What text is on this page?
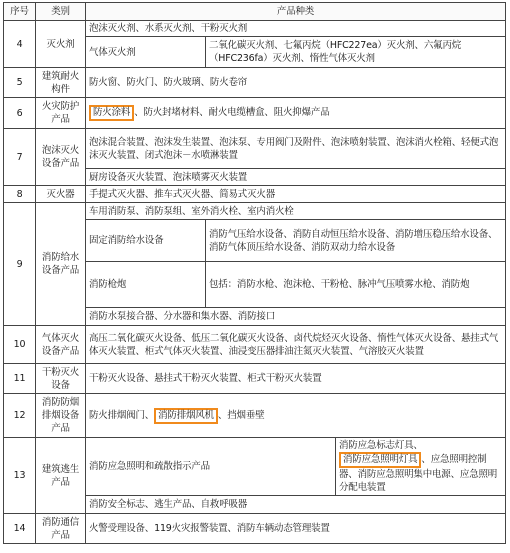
序号	类别	产品种类		
4	灭火剂	泡沫灭火剂、水系灭火剂、干粉灭火剂		
		气体灭火剂	二氧化碳灭火剂、七氟丙烷（HFC227ea）灭火剂、六氟丙烷（HFC236fa）灭火剂、惰性气体灭火剂	
5	建筑耐火构件	防火窗、防火门、防火玻璃、防火卷帘		
6	火灾防护产品	防火涂料 、防火封堵材料、耐火电缆槽盒、阻火抑爆产品		
7	泡沫灭火设备产品	泡沫混合装置、泡沫发生装置、泡沫泵、专用阀门及附件、泡沫喷射装置、泡沫消火栓箱、轻便式泡沫灭火装置、闭式泡沫－水喷淋装置		
		厨房设备灭火装置、泡沫喷雾灭火装置		
8	灭火器	手提式灭火器、推车式灭火器、简易式灭火器		
9	消防给水设备产品	车用消防泵、消防泵组、室外消火栓、室内消火栓		
		固定消防给水设备	消防气压给水设备、消防自动恒压给水设备、消防增压稳压给水设备、消防气体顶压给水设备、消防双动力给水设备	
		消防枪炮	包括：消防水枪、泡沫枪、干粉枪、脉冲气压喷雾水枪、消防炮	
		消防水泵接合器、分水器和集水器、消防接口		
10	气体灭火设备产品	高压二氧化碳灭火设备、低压二氧化碳灭火设备、卤代烷烃灭火设备、惰性气体灭火设备、悬挂式气体灭火装置、柜式气体灭火装置、油浸变压器排油注氮灭火装置、气溶胶灭火装置		
11	干粉灭火设备	干粉灭火设备、悬挂式干粉灭火装置、柜式干粉灭火装置		
12	消防防烟排烟设备产品	防火排烟阀门、 消防排烟风机 、挡烟垂壁		
13	建筑逃生产品	消防应急照明和疏散指示产品		消防应急标志灯具、消防应急照明灯具 、应急照明控制器、消防应急照明集中电源、应急照明分配电装置
		消防安全标志、逃生产品、自救呼吸器		
14	消防通信产品	火警受理设备、119火灾报警装置、消防车辆动态管理装置		
